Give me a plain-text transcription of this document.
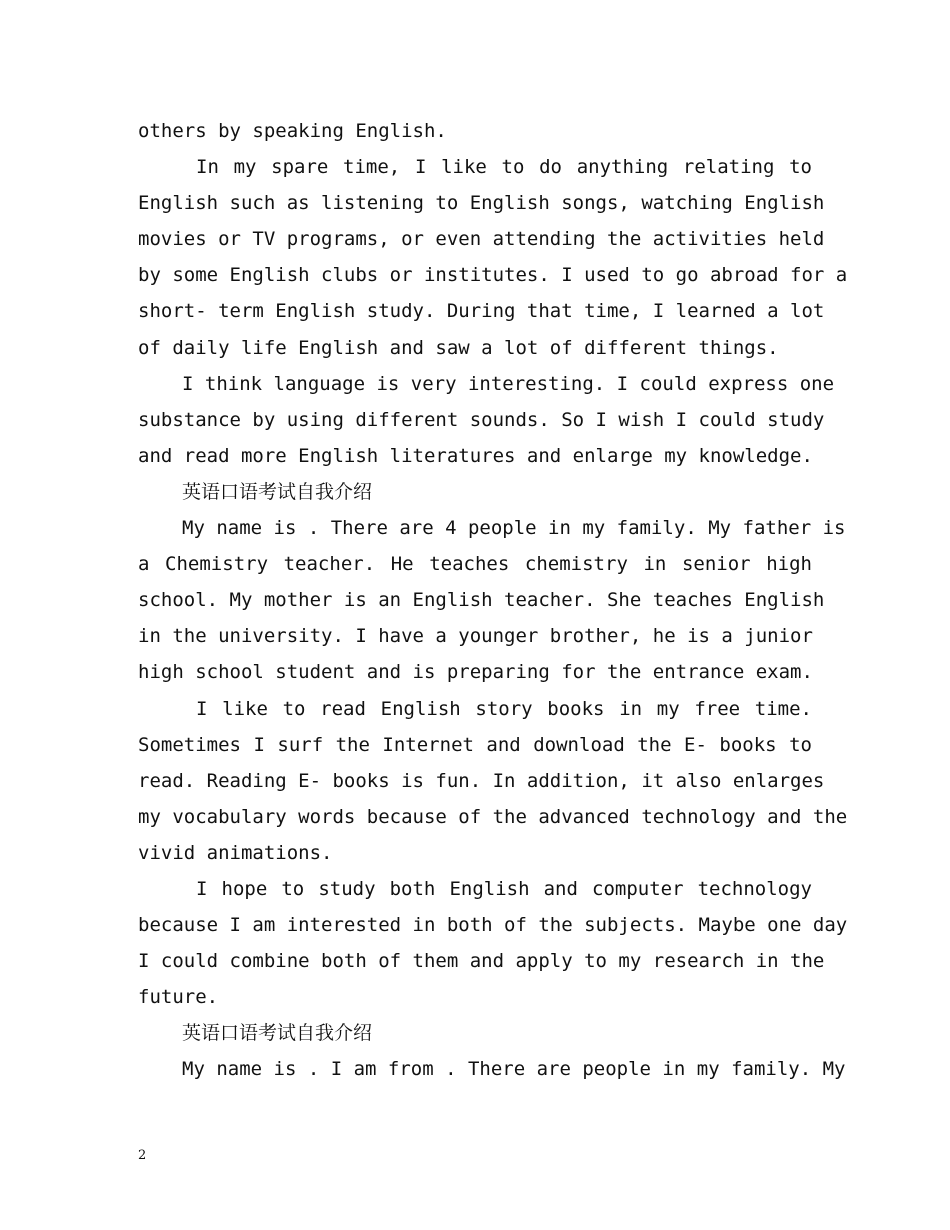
others by speaking English.
In my spare time, I like to do anything relating to
English such as listening to English songs, watching English
movies or TV programs, or even attending the activities held
by some English clubs or institutes. I used to go abroad for a
short- term English study. During that time, I learned a lot
of daily life English and saw a lot of different things.
I think language is very interesting. I could express one
substance by using different sounds. So I wish I could study
and read more English literatures and enlarge my knowledge.
英语口语考试自我介绍
My name is . There are 4 people in my family. My father is
a Chemistry teacher. He teaches chemistry in senior high
school. My mother is an English teacher. She teaches English
in the university. I have a younger brother, he is a junior
high school student and is preparing for the entrance exam.
I like to read English story books in my free time.
Sometimes I surf the Internet and download the E- books to
read. Reading E- books is fun. In addition, it also enlarges
my vocabulary words because of the advanced technology and the
vivid animations.
I hope to study both English and computer technology
because I am interested in both of the subjects. Maybe one day
I could combine both of them and apply to my research in the
future.
英语口语考试自我介绍
My name is . I am from . There are people in my family. My
2
